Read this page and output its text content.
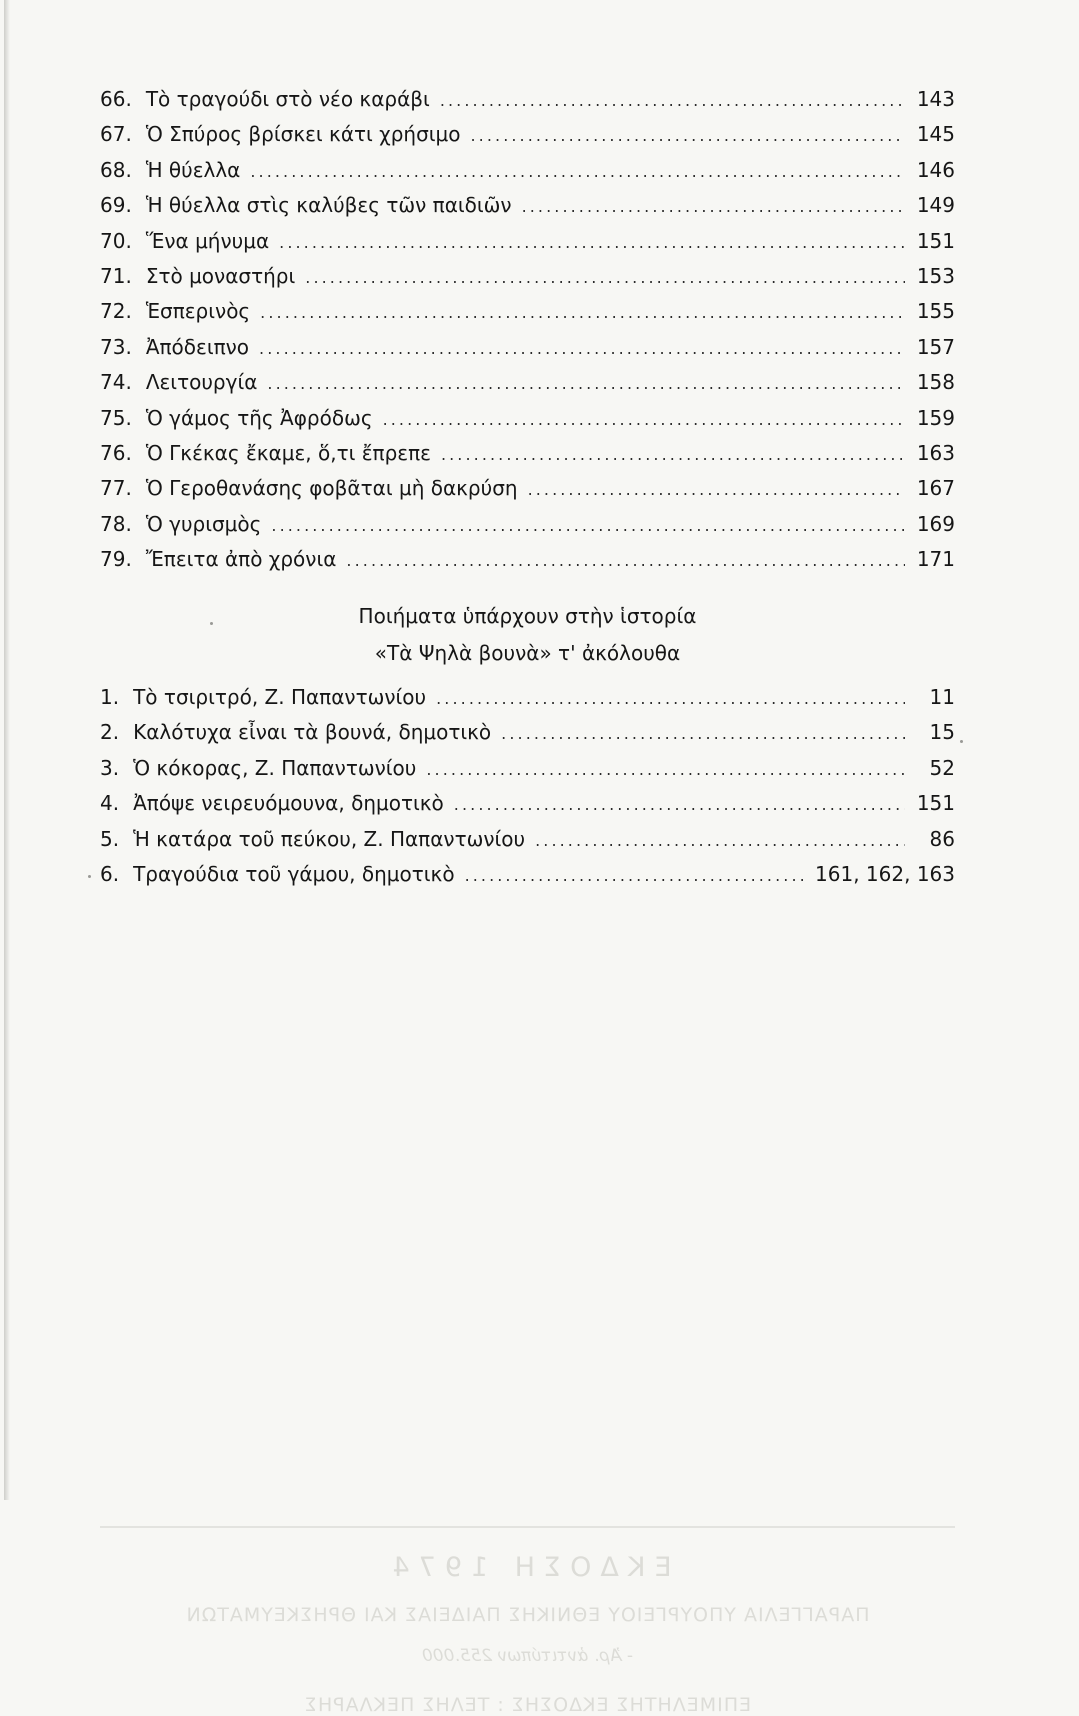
66. Τὸ τραγούδι στὸ νέο καράβι . . .	143
67. Ὁ Σπύρος βρίσκει κάτι χρήσιμο . . .	145
68. Ἡ θύελλα . . .	146
69. Ἡ θύελλα στὶς καλύβες τῶν παιδιῶν . . .	149
70. Ἕνα μήνυμα . . .	151
71. Στὸ μοναστήρι . . .	153
72. Ἑσπερινὸς . . .	155
73. Ἀπόδειπνο . . .	157
74. Λειτουργία . . .	158
75. Ὁ γάμος τῆς Ἀφρόδως . . .	159
76. Ὁ Γκέκας ἔκαμε, ὅ,τι ἔπρεπε . . .	163
77. Ὁ Γεροθανάσης φοβᾶται μὴ δακρύση . . .	167
78. Ὁ γυρισμὸς . . .	169
79. Ἔπειτα ἀπὸ χρόνια . . .	171
Ποιήματα ὑπάρχουν στὴν ἱστορία
«Τὰ Ψηλὰ βουνὰ» τ' ἀκόλουθα
1. Τὸ τσιριτρό, Ζ. Παπαντωνίου . . .	11
2. Καλότυχα εἶναι τὰ βουνά, δημοτικὸ . . .	15
3. Ὁ κόκορας, Ζ. Παπαντωνίου . . .	52
4. Ἀπόψε νειρευόμουνα, δημοτικὸ . . .	151
5. Ἡ κατάρα τοῦ πεύκου, Ζ. Παπαντωνίου . . .	86
6. Τραγούδια τοῦ γάμου, δημοτικὸ . . .	161, 162, 163
ΕΚΔΟΣΗ 1974
ΠΑΡΑΓΓΕΛΙΑ ΥΠΟΥΡΓΕΙΟΥ ΕΘΝΙΚΗΣ ΠΑΙΔΕΙΑΣ ΚΑΙ ΘΡΗΣΚΕΥΜΑΤΩΝ
- Ἀρ. ἀντιτύπων 255.000
ΕΠΙΜΕΛΗΤΗΣ ΕΚΔΟΣΗΣ : ΤΕΛΗΣ ΠΕΚΛΑΡΗΣ
